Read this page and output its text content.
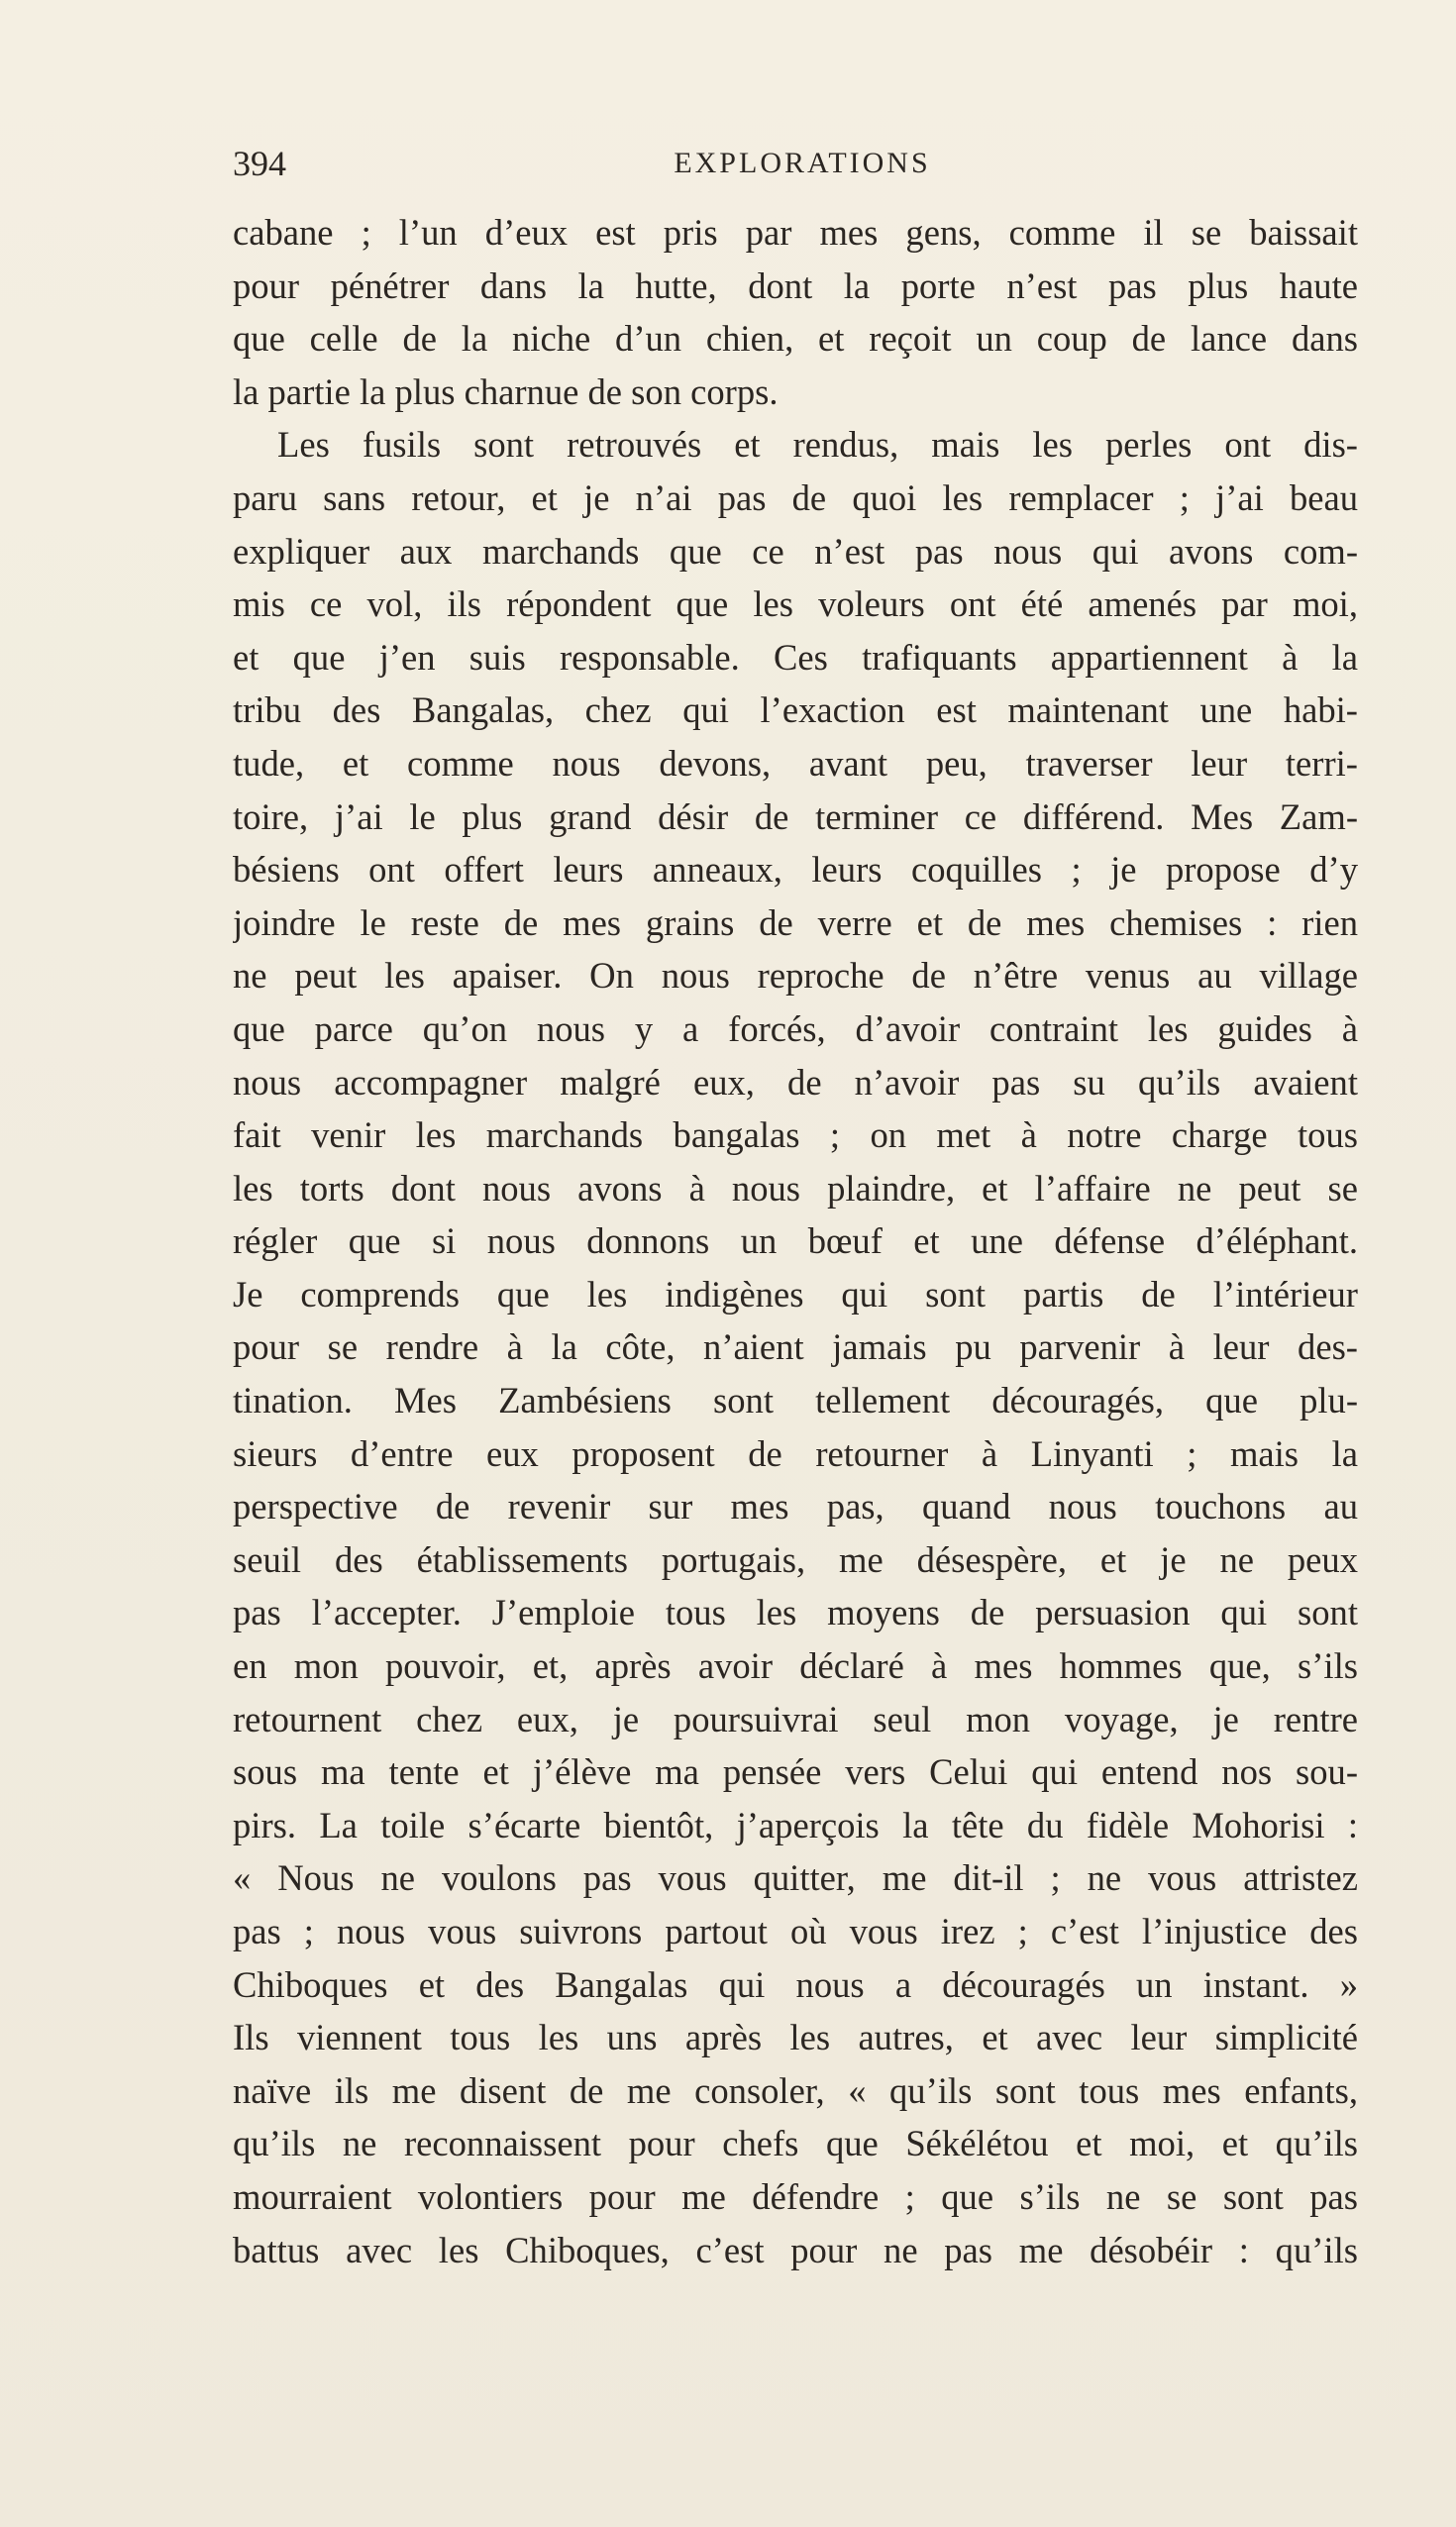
394	EXPLORATIONS
cabane ; l’un d’eux est pris par mes gens, comme il se baissait
pour pénétrer dans la hutte, dont la porte n’est pas plus haute
que celle de la niche d’un chien, et reçoit un coup de lance dans
la partie la plus charnue de son corps.
Les fusils sont retrouvés et rendus, mais les perles ont dis-
paru sans retour, et je n’ai pas de quoi les remplacer ; j’ai beau
expliquer aux marchands que ce n’est pas nous qui avons com-
mis ce vol, ils répondent que les voleurs ont été amenés par moi,
et que j’en suis responsable. Ces trafiquants appartiennent à la
tribu des Bangalas, chez qui l’exaction est maintenant une habi-
tude, et comme nous devons, avant peu, traverser leur terri-
toire, j’ai le plus grand désir de terminer ce différend. Mes Zam-
bésiens ont offert leurs anneaux, leurs coquilles ; je propose d’y
joindre le reste de mes grains de verre et de mes chemises : rien
ne peut les apaiser. On nous reproche de n’être venus au village
que parce qu’on nous y a forcés, d’avoir contraint les guides à
nous accompagner malgré eux, de n’avoir pas su qu’ils avaient
fait venir les marchands bangalas ; on met à notre charge tous
les torts dont nous avons à nous plaindre, et l’affaire ne peut se
régler que si nous donnons un bœuf et une défense d’éléphant.
Je comprends que les indigènes qui sont partis de l’intérieur
pour se rendre à la côte, n’aient jamais pu parvenir à leur des-
tination. Mes Zambésiens sont tellement découragés, que plu-
sieurs d’entre eux proposent de retourner à Linyanti ; mais la
perspective de revenir sur mes pas, quand nous touchons au
seuil des établissements portugais, me désespère, et je ne peux
pas l’accepter. J’emploie tous les moyens de persuasion qui sont
en mon pouvoir, et, après avoir déclaré à mes hommes que, s’ils
retournent chez eux, je poursuivrai seul mon voyage, je rentre
sous ma tente et j’élève ma pensée vers Celui qui entend nos sou-
pirs. La toile s’écarte bientôt, j’aperçois la tête du fidèle Mohorisi :
« Nous ne voulons pas vous quitter, me dit-il ; ne vous attristez
pas ; nous vous suivrons partout où vous irez ; c’est l’injustice des
Chiboques et des Bangalas qui nous a découragés un instant. »
Ils viennent tous les uns après les autres, et avec leur simplicité
naïve ils me disent de me consoler, « qu’ils sont tous mes enfants,
qu’ils ne reconnaissent pour chefs que Sékélétou et moi, et qu’ils
mourraient volontiers pour me défendre ; que s’ils ne se sont pas
battus avec les Chiboques, c’est pour ne pas me désobéir : qu’ils
